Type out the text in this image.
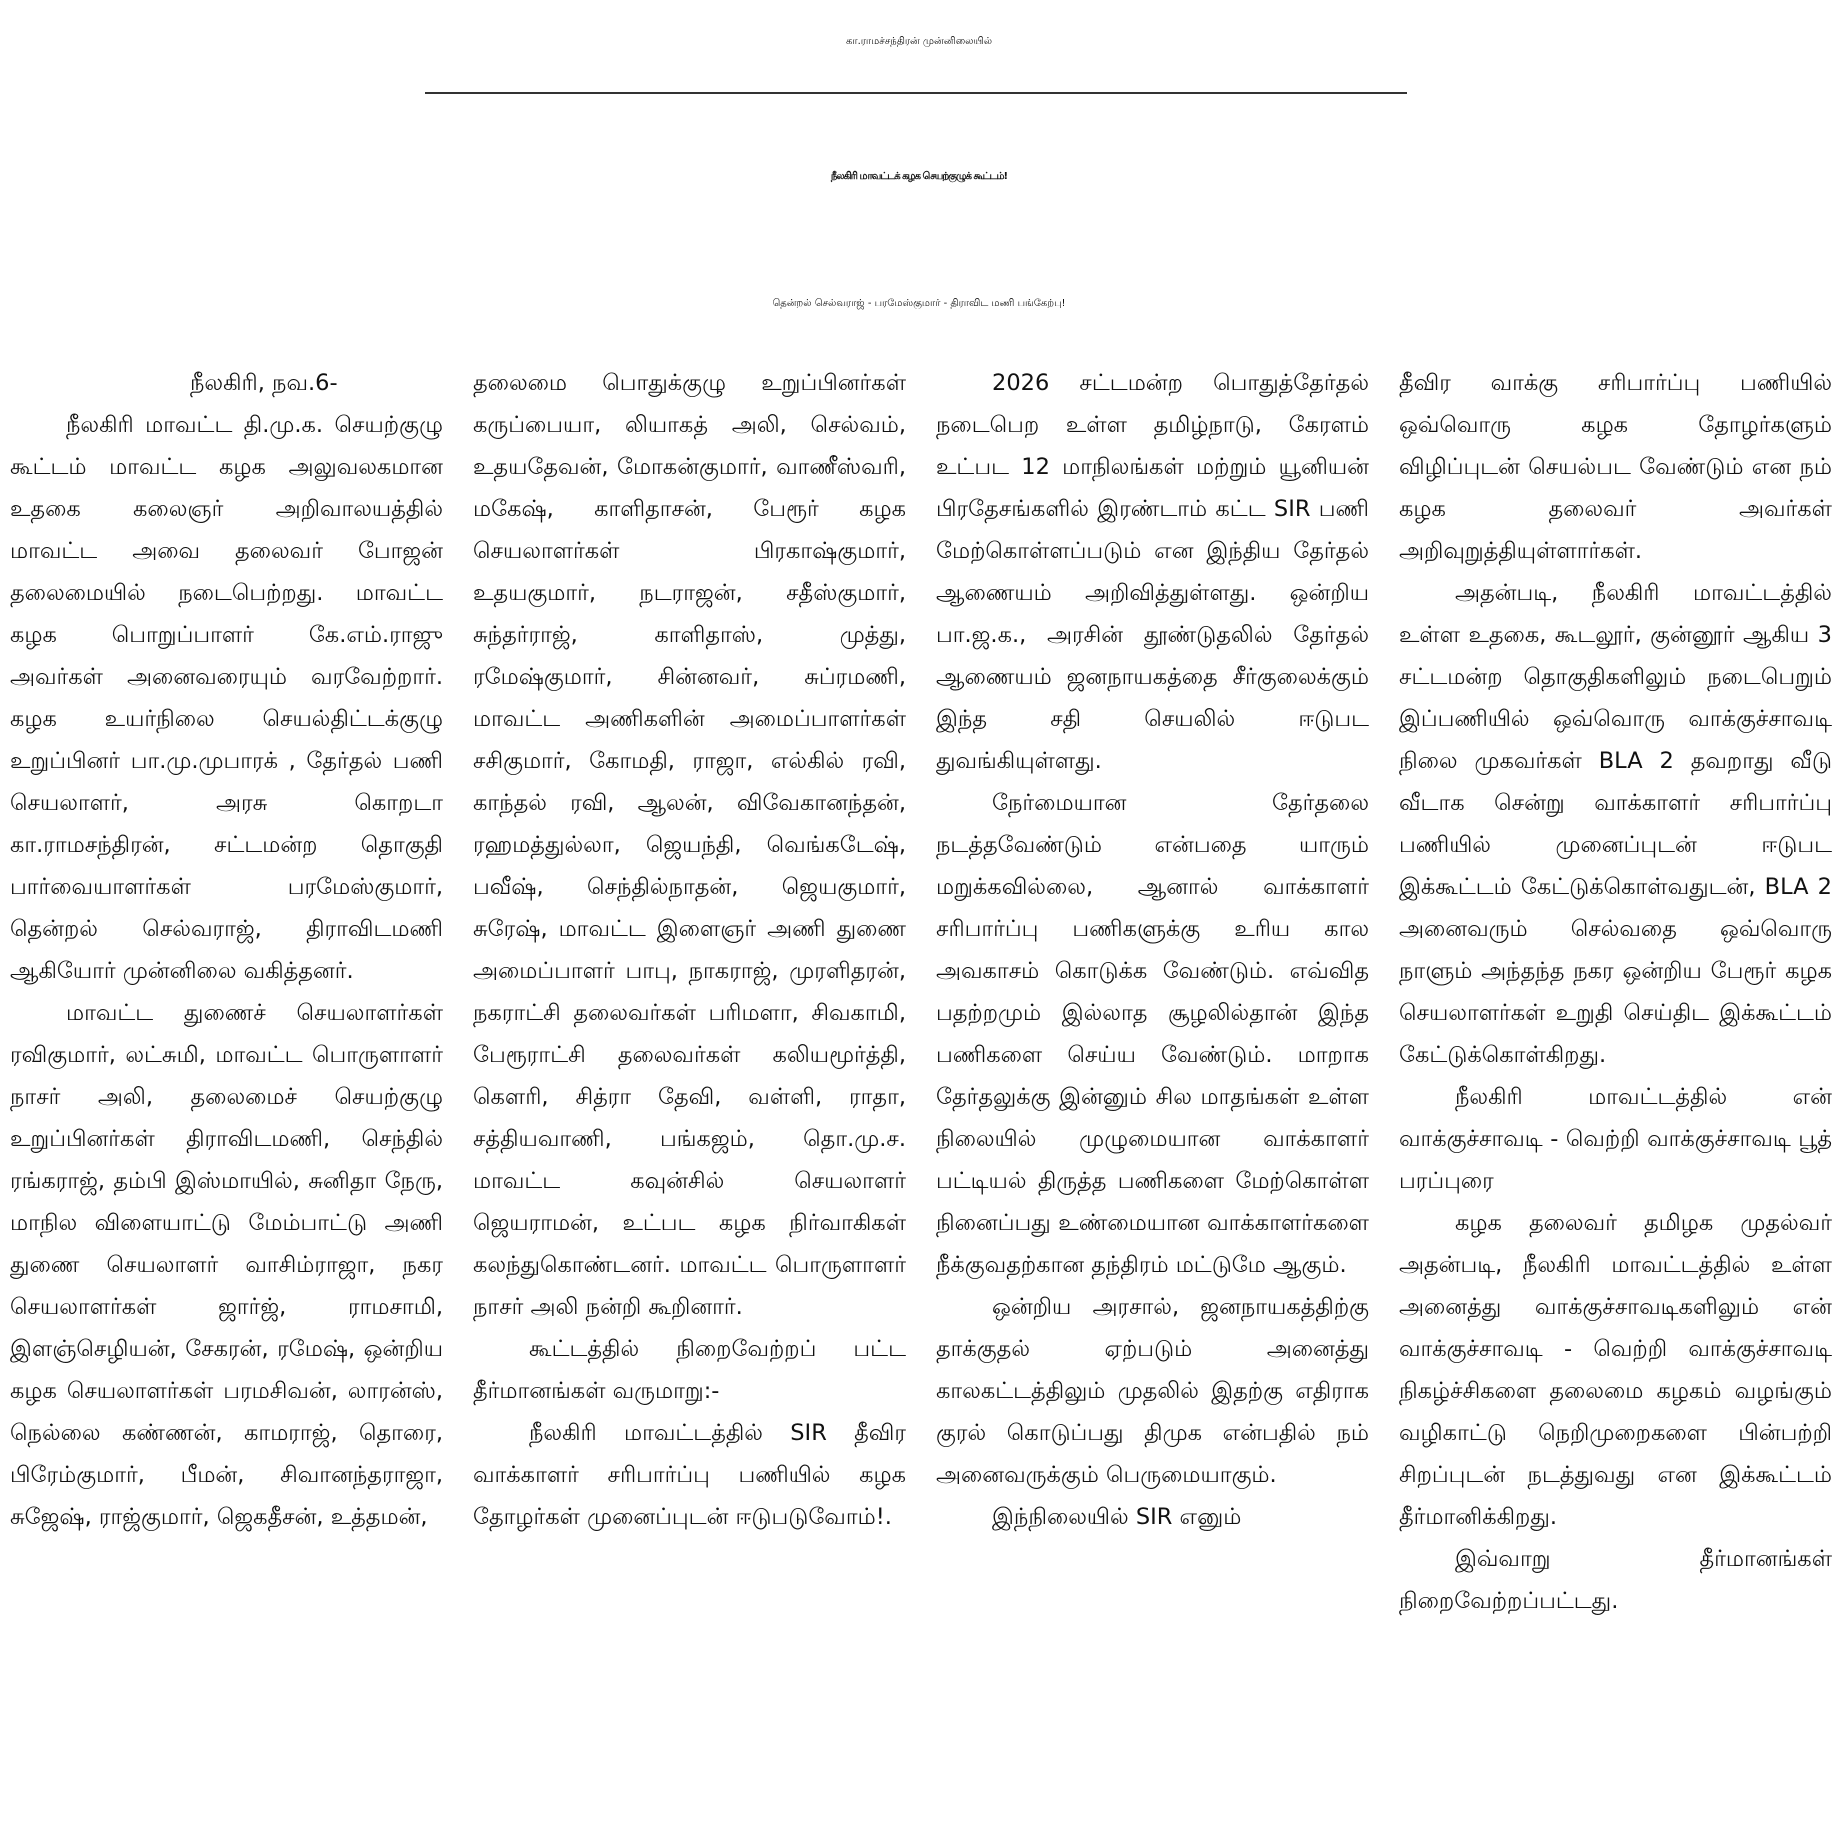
கா.ராமச்சந்திரன் முன்னிலையில்
நீலகிரி மாவட்டக் கழக செயற்குழுக் கூட்டம்!
தென்றல் செல்வராஜ் - பரமேஸ்குமார் - திராவிட மணி பங்கேற்பு!

நீலகிரி, நவ.6-

நீலகிரி மாவட்ட தி.மு.க. செயற்குழு கூட்டம் மாவட்ட கழக அலுவலகமான உதகை கலைஞர் அறிவாலயத்தில் மாவட்ட அவை தலைவர் போஜன் தலைமையில் நடைபெற்றது. மாவட்ட கழக பொறுப்பாளர் கே.எம்.ராஜு அவர்கள் அனைவரையும் வரவேற்றார். கழக உயர்நிலை செயல்திட்டக்குழு உறுப்பினர் பா.மு.முபாரக் , தேர்தல் பணி செயலாளர், அரசு கொறடா கா.ராமசந்திரன், சட்டமன்ற தொகுதி பார்வையாளர்கள் பரமேஸ்குமார், தென்றல் செல்வராஜ், திராவிடமணி ஆகியோர் முன்னிலை வகித்தனர்.

மாவட்ட துணைச் செயலாளர்கள் ரவிகுமார், லட்சுமி, மாவட்ட பொருளாளர் நாசர் அலி, தலைமைச் செயற்குழு உறுப்பினர்கள் திராவிடமணி, செந்தில் ரங்கராஜ், தம்பி இஸ்மாயில், சுனிதா நேரு, மாநில விளையாட்டு மேம்பாட்டு அணி துணை செயலாளர் வாசிம்ராஜா, நகர செயலாளர்கள் ஜார்ஜ், ராமசாமி, இளஞ்செழியன், சேகரன், ரமேஷ், ஒன்றிய கழக செயலாளர்கள் பரமசிவன், லாரன்ஸ், நெல்லை கண்ணன், காமராஜ், தொரை, பிரேம்குமார், பீமன், சிவானந்தராஜா, சுஜேஷ், ராஜ்குமார், ஜெகதீசன், உத்தமன்,

தலைமை பொதுக்குழு உறுப்பினர்கள் கருப்பையா, லியாகத் அலி, செல்வம், உதயதேவன், மோகன்குமார், வாணீஸ்வரி, மகேஷ், காளிதாசன், பேரூர் கழக செயலாளர்கள் பிரகாஷ்குமார், உதயகுமார், நடராஜன், சதீஸ்குமார், சுந்தர்ராஜ், காளிதாஸ், முத்து, ரமேஷ்குமார், சின்னவர், சுப்ரமணி, மாவட்ட அணிகளின் அமைப்பாளர்கள் சசிகுமார், கோமதி, ராஜா, எல்கில் ரவி, காந்தல் ரவி, ஆலன், விவேகானந்தன், ரஹமத்துல்லா, ஜெயந்தி, வெங்கடேஷ், பவீஷ், செந்தில்நாதன், ஜெயகுமார், சுரேஷ், மாவட்ட இளைஞர் அணி துணை அமைப்பாளர் பாபு, நாகராஜ், முரளிதரன், நகராட்சி தலைவர்கள் பரிமளா, சிவகாமி, பேரூராட்சி தலைவர்கள் கலியமூர்த்தி, கௌரி, சித்ரா தேவி, வள்ளி, ராதா, சத்தியவாணி, பங்கஜம், தொ.மு.ச. மாவட்ட கவுன்சில் செயலாளர் ஜெயராமன், உட்பட கழக நிர்வாகிகள் கலந்துகொண்டனர். மாவட்ட பொருளாளர் நாசர் அலி நன்றி கூறினார்.

கூட்டத்தில் நிறைவேற்றப் பட்ட தீர்மானங்கள் வருமாறு:-

நீலகிரி மாவட்டத்தில் SIR தீவிர வாக்காளர் சரிபார்ப்பு பணியில் கழக தோழர்கள் முனைப்புடன் ஈடுபடுவோம்!.

2026 சட்டமன்ற பொதுத்தேர்தல் நடைபெற உள்ள தமிழ்நாடு, கேரளம் உட்பட 12 மாநிலங்கள் மற்றும் யூனியன் பிரதேசங்களில் இரண்டாம் கட்ட SIR பணி மேற்கொள்ளப்படும் என இந்திய தேர்தல் ஆணையம் அறிவித்துள்ளது. ஒன்றிய பா.ஜ.க., அரசின் தூண்டுதலில் தேர்தல் ஆணையம் ஜனநாயகத்தை சீர்குலைக்கும் இந்த சதி செயலில் ஈடுபட துவங்கியுள்ளது.

நேர்மையான தேர்தலை நடத்தவேண்டும் என்பதை யாரும் மறுக்கவில்லை, ஆனால் வாக்காளர் சரிபார்ப்பு பணிகளுக்கு உரிய கால அவகாசம் கொடுக்க வேண்டும். எவ்வித பதற்றமும் இல்லாத சூழலில்தான் இந்த பணிகளை செய்ய வேண்டும். மாறாக தேர்தலுக்கு இன்னும் சில மாதங்கள் உள்ள நிலையில் முழுமையான வாக்காளர் பட்டியல் திருத்த பணிகளை மேற்கொள்ள நினைப்பது உண்மையான வாக்காளர்களை நீக்குவதற்கான தந்திரம் மட்டுமே ஆகும்.

ஒன்றிய அரசால், ஜனநாயகத்திற்கு தாக்குதல் ஏற்படும் அனைத்து காலகட்டத்திலும் முதலில் இதற்கு எதிராக குரல் கொடுப்பது திமுக என்பதில் நம் அனைவருக்கும் பெருமையாகும்.

இந்நிலையில் SIR எனும்

தீவிர வாக்கு சரிபார்ப்பு பணியில் ஒவ்வொரு கழக தோழர்களும் விழிப்புடன் செயல்பட வேண்டும் என நம் கழக தலைவர் அவர்கள் அறிவுறுத்தியுள்ளார்கள்.

அதன்படி, நீலகிரி மாவட்டத்தில் உள்ள உதகை, கூடலூர், குன்னூர் ஆகிய 3 சட்டமன்ற தொகுதிகளிலும் நடைபெறும் இப்பணியில் ஒவ்வொரு வாக்குச்சாவடி நிலை முகவர்கள் BLA 2 தவறாது வீடு வீடாக சென்று வாக்காளர் சரிபார்ப்பு பணியில் முனைப்புடன் ஈடுபட இக்கூட்டம் கேட்டுக்கொள்வதுடன், BLA 2 அனைவரும் செல்வதை ஒவ்வொரு நாளும் அந்தந்த நகர ஒன்றிய பேரூர் கழக செயலாளர்கள் உறுதி செய்திட இக்கூட்டம் கேட்டுக்கொள்கிறது.

நீலகிரி மாவட்டத்தில் என் வாக்குச்சாவடி - வெற்றி வாக்குச்சாவடி பூத் பரப்புரை

கழக தலைவர் தமிழக முதல்வர் அதன்படி, நீலகிரி மாவட்டத்தில் உள்ள அனைத்து வாக்குச்சாவடிகளிலும் என் வாக்குச்சாவடி - வெற்றி வாக்குச்சாவடி நிகழ்ச்சிகளை தலைமை கழகம் வழங்கும் வழிகாட்டு நெறிமுறைகளை பின்பற்றி சிறப்புடன் நடத்துவது என இக்கூட்டம் தீர்மானிக்கிறது.

இவ்வாறு தீர்மானங்கள் நிறைவேற்றப்பட்டது.
